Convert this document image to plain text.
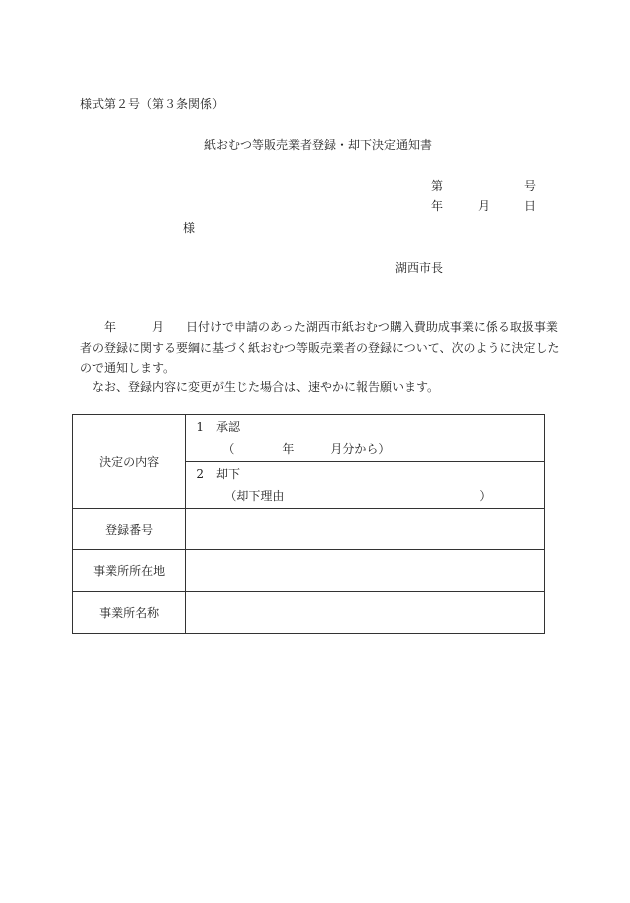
様式第２号（第３条関係）
紙おむつ等販売業者登録・却下決定通知書
第	号
年	月	日
様
湖西市長
年	月 日付けで申請のあった湖西市紙おむつ購入費助成事業に係る取扱事業者の登録に関する要綱に基づく紙おむつ等販売業者の登録について、次のように決定したので通知します。
なお、登録内容に変更が生じた場合は、速やかに報告願います。
決定の内容	1 承認
（ 年 月分から）

	2 却下
（却下理由 ）

登録番号	
事業所所在地	
事業所名称	
